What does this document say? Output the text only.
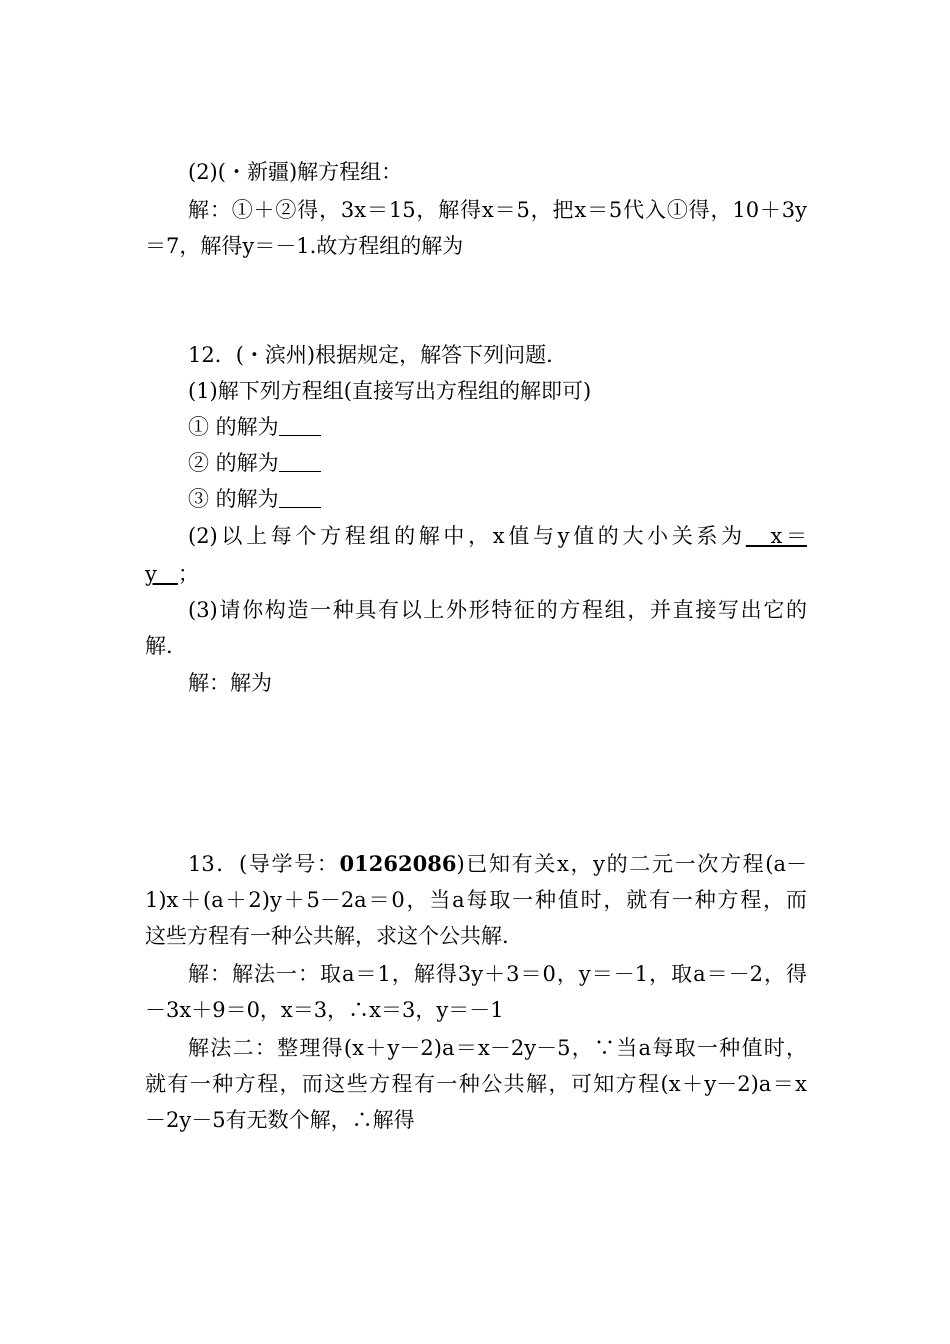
(2)(・新疆)解方程组：
解：①＋②得，3x＝15，解得x＝5，把x＝5代入①得，10＋3y
＝7，解得y＝－1.故方程组的解为
12．(・滨州)根据规定，解答下列问题.
(1)解下列方程组(直接写出方程组的解即可)
① 的解为
② 的解为
③ 的解为
(2)以上每个方程组的解中，x值与y值的大小关系为　x＝
y　；
(3)请你构造一种具有以上外形特征的方程组，并直接写出它的
解.
解：解为
13．(导学号：01262086)已知有关x，y的二元一次方程(a－
1)x＋(a＋2)y＋5－2a＝0，当a每取一种值时，就有一种方程，而
这些方程有一种公共解，求这个公共解.
解：解法一：取a＝1，解得3y＋3＝0，y＝－1，取a＝－2，得
－3x＋9＝0，x＝3，∴x＝3，y＝－1
解法二：整理得(x＋y－2)a＝x－2y－5，∵当a每取一种值时，
就有一种方程，而这些方程有一种公共解，可知方程(x＋y－2)a＝x
－2y－5有无数个解，∴解得
